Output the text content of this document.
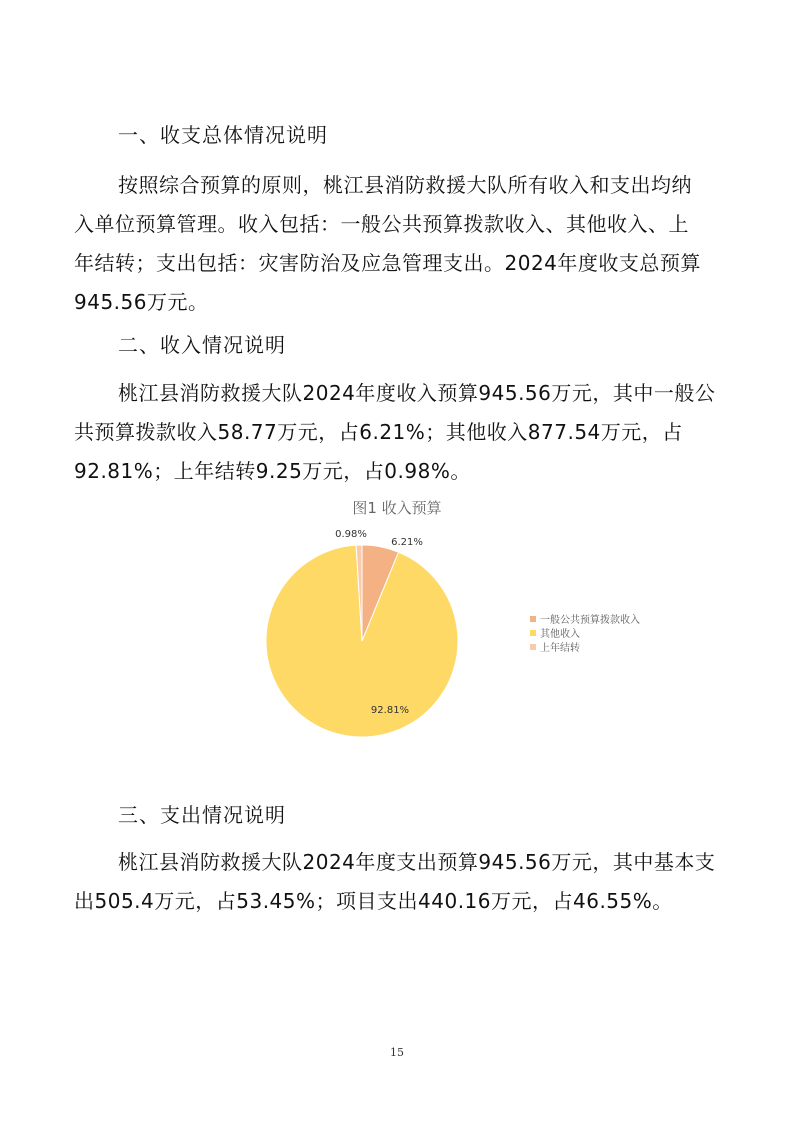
一、收支总体情况说明
按照综合预算的原则，桃江县消防救援大队所有收入和支出均纳
入单位预算管理。收入包括：一般公共预算拨款收入、其他收入、上
年结转；支出包括：灾害防治及应急管理支出。2024年度收支总预算
945.56万元。
二、收入情况说明
桃江县消防救援大队2024年度收入预算945.56万元，其中一般公
共预算拨款收入58.77万元，占6.21%；其他收入877.54万元，占
92.81%；上年结转9.25万元，占0.98%。
图1 收入预算
6.21%
92.81%
0.98%
一般公共预算拨款收入
其他收入
上年结转
三、支出情况说明
桃江县消防救援大队2024年度支出预算945.56万元，其中基本支
出505.4万元，占53.45%；项目支出440.16万元，占46.55%。
15
